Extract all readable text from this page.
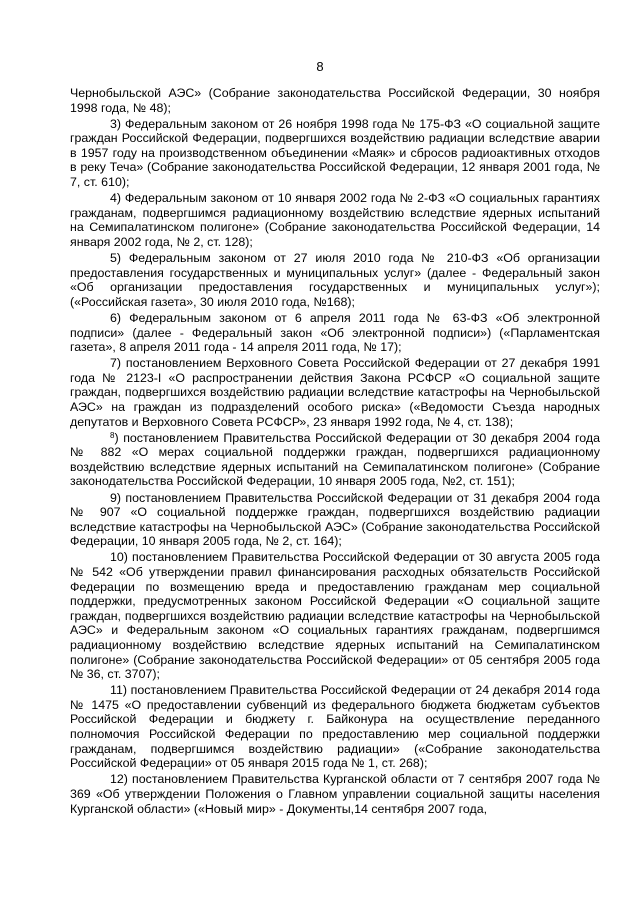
8

Чернобыльской АЭС» (Собрание законодательства Российской Федерации, 30 ноября 1998 года, № 48);

3) Федеральным законом от 26 ноября 1998 года № 175-ФЗ «О социальной защите граждан Российской Федерации, подвергшихся воздействию радиации вследствие аварии в 1957 году на производственном объединении «Маяк» и сбросов радиоактивных отходов в реку Теча» (Собрание законодательства Российской Федерации, 12 января 2001 года, № 7, ст. 610);

4) Федеральным законом от 10 января 2002 года № 2-ФЗ «О социальных гарантиях гражданам, подвергшимся радиационному воздействию вследствие ядерных испытаний на Семипалатинском полигоне» (Собрание законодательства Российской Федерации, 14 января 2002 года, № 2, ст. 128);

5) Федеральным законом от 27 июля 2010 года № 210-ФЗ «Об организации предоставления государственных и муниципальных услуг» (далее - Федеральный закон «Об организации предоставления государственных и муниципальных услуг»); («Российская газета», 30 июля 2010 года, №168);

6) Федеральным законом от 6 апреля 2011 года № 63-ФЗ «Об электронной подписи» (далее - Федеральный закон «Об электронной подписи») («Парламентская газета», 8 апреля 2011 года - 14 апреля 2011 года, № 17);

7) постановлением Верховного Совета Российской Федерации от 27 декабря 1991 года № 2123-I «О распространении действия Закона РСФСР «О социальной защите граждан, подвергшихся воздействию радиации вследствие катастрофы на Чернобыльской АЭС» на граждан из подразделений особого риска» («Ведомости Съезда народных депутатов и Верховного Совета РСФСР», 23 января 1992 года, № 4, ст. 138);

$^8$) постановлением Правительства Российской Федерации от 30 декабря 2004 года № 882 «О мерах социальной поддержки граждан, подвергшихся радиационному воздействию вследствие ядерных испытаний на Семипалатинском полигоне» (Собрание законодательства Российской Федерации, 10 января 2005 года, №2, ст. 151);

9) постановлением Правительства Российской Федерации от 31 декабря 2004 года № 907 «О социальной поддержке граждан, подвергшихся воздействию радиации вследствие катастрофы на Чернобыльской АЭС» (Собрание законодательства Российской Федерации, 10 января 2005 года, № 2, ст. 164);

10) постановлением Правительства Российской Федерации от 30 августа 2005 года № 542 «Об утверждении правил финансирования расходных обязательств Российской Федерации по возмещению вреда и предоставлению гражданам мер социальной поддержки, предусмотренных законом Российской Федерации «О социальной защите граждан, подвергшихся воздействию радиации вследствие катастрофы на Чернобыльской АЭС» и Федеральным законом «О социальных гарантиях гражданам, подвергшимся радиационному воздействию вследствие ядерных испытаний на Семипалатинском полигоне» (Собрание законодательства Российской Федерации» от 05 сентября 2005 года № 36, ст. 3707);

11) постановлением Правительства Российской Федерации от 24 декабря 2014 года № 1475 «О предоставлении субвенций из федерального бюджета бюджетам субъектов Российской Федерации и бюджету г. Байконура на осуществление переданного полномочия Российской Федерации по предоставлению мер социальной поддержки гражданам, подвергшимся воздействию радиации» («Собрание законодательства Российской Федерации» от 05 января 2015 года № 1, ст. 268);

12) постановлением Правительства Курганской области от 7 сентября 2007 года № 369 «Об утверждении Положения о Главном управлении социальной защиты населения Курганской области» («Новый мир» - Документы,14 сентября 2007 года,
